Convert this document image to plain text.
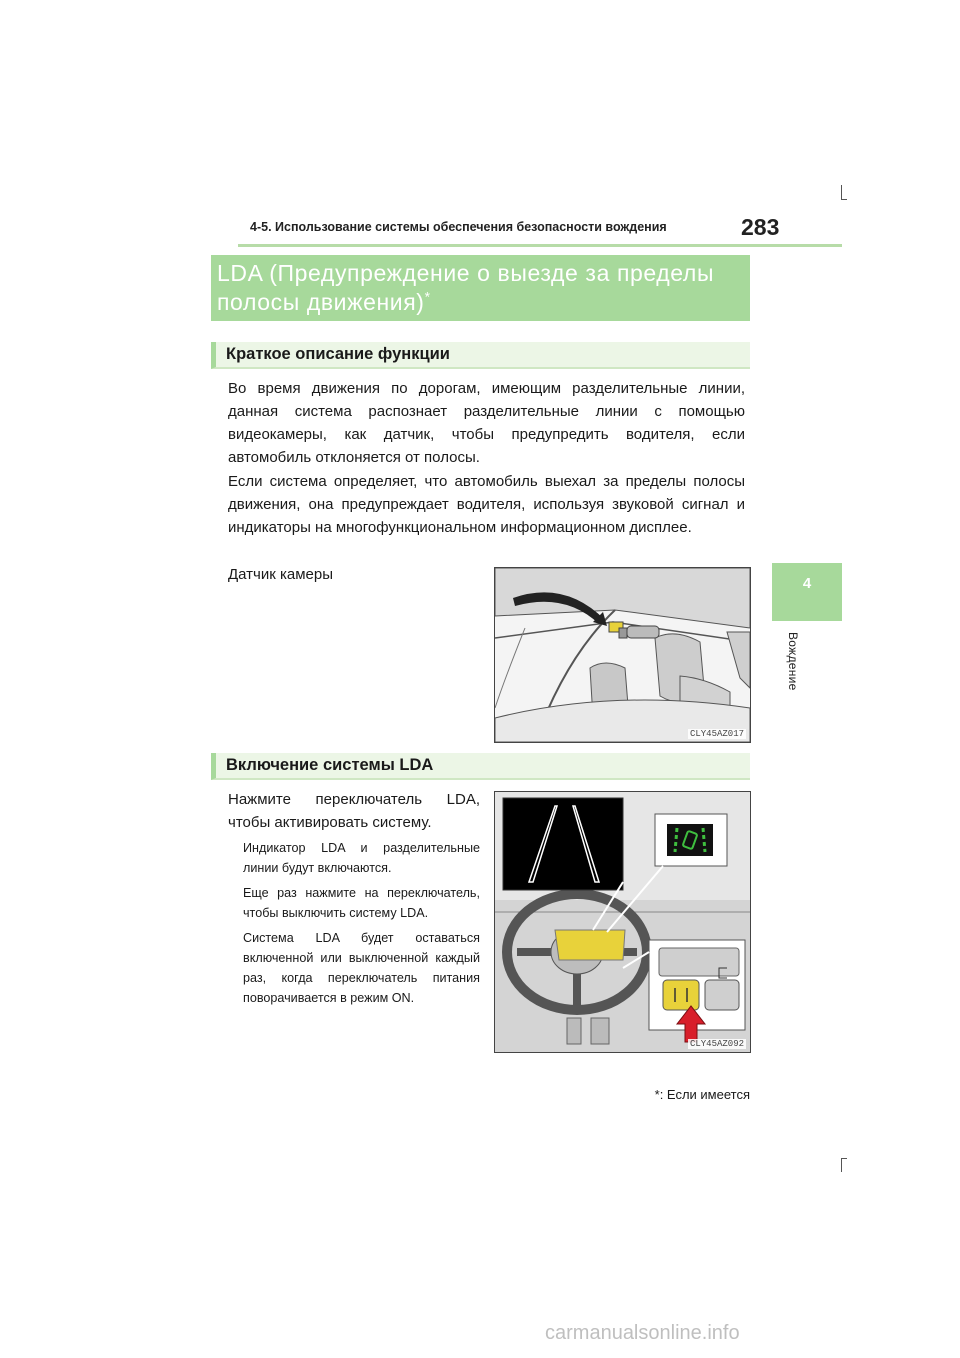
4-5. Использование системы обеспечения безопасности вождения	283
4
Вождение
LDA (Предупреждение о выезде за пределы полосы движения)*
Краткое описание функции
Во время движения по дорогам, имеющим разделительные линии, данная система распознает разделительные линии с помощью видеокамеры, как датчик, чтобы предупредить водителя, если автомобиль отклоняется от полосы.
Если система определяет, что автомобиль выехал за пределы полосы движения, она предупреждает водителя, используя звуковой сигнал и индикаторы на многофункциональном информационном дисплее.
Датчик камеры
CLY45AZ017
Включение системы LDA
Нажмите переключатель LDA, чтобы активировать систему.
Индикатор LDA и разделительные линии будут включаются.
Еще раз нажмите на переключатель, чтобы выключить систему LDA.
Система LDA будет оставаться включенной или выключенной каждый раз, когда переключатель питания поворачивается в режим ON.
CLY45AZ092
*: Если имеется
carmanualsonline.info
